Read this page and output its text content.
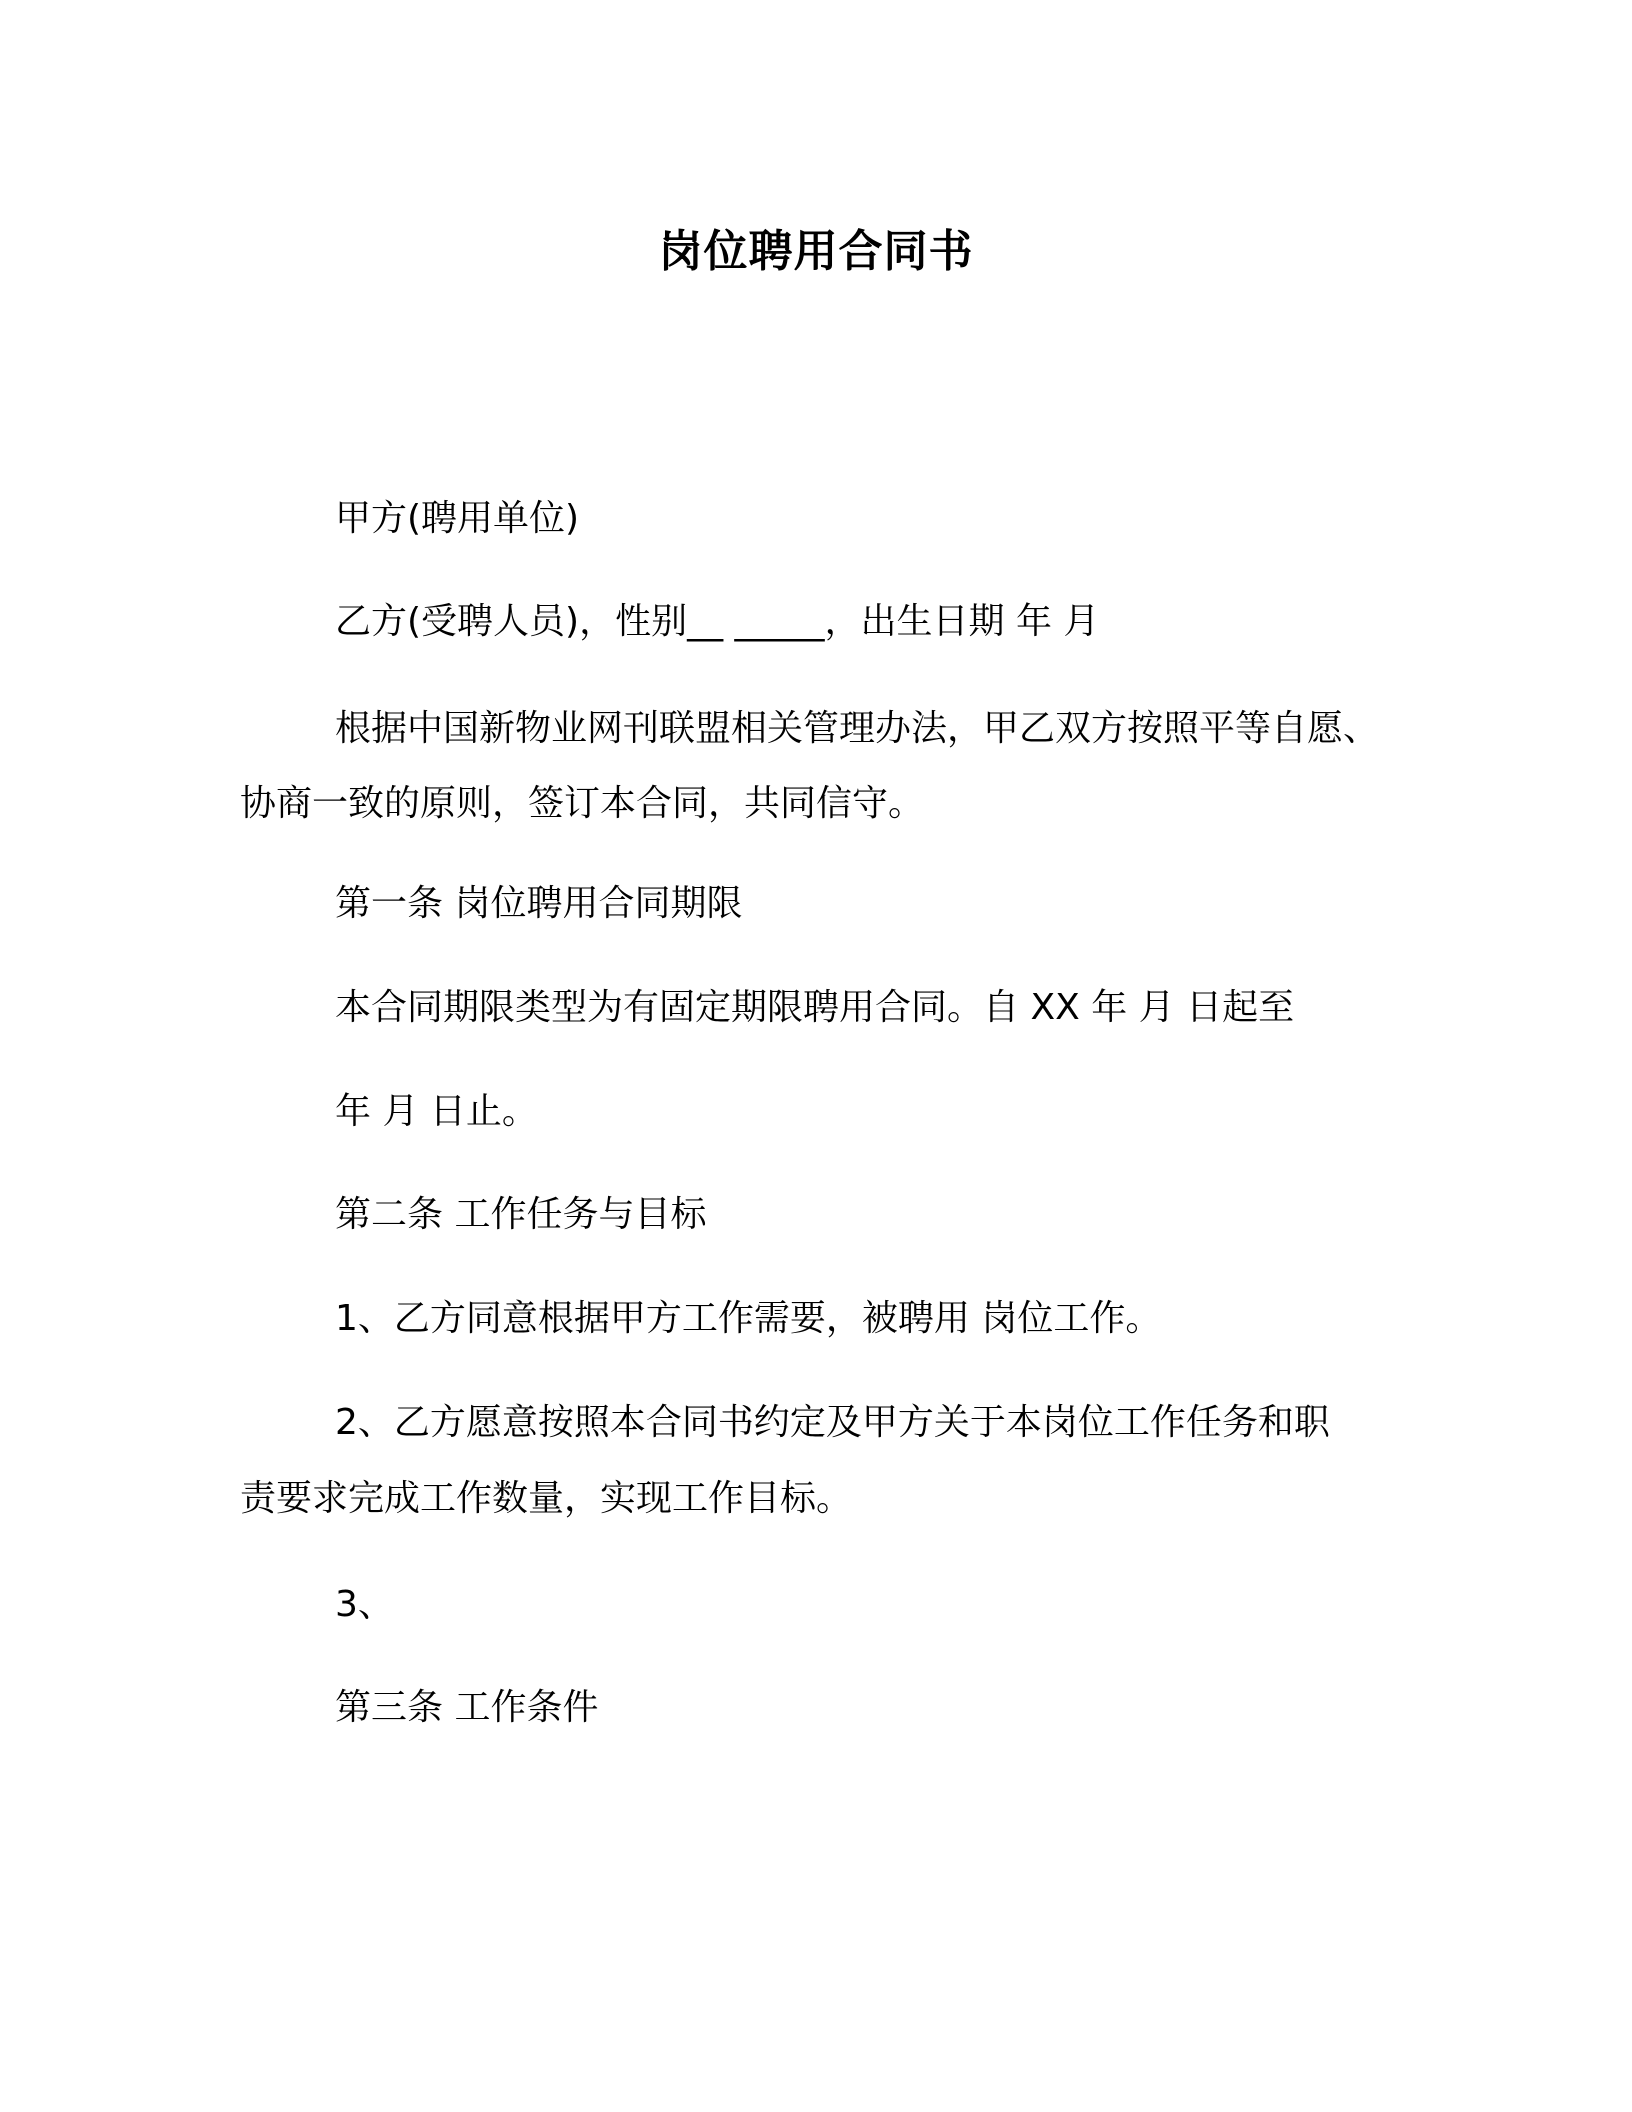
岗位聘用合同书
甲方(聘用单位)
乙方(受聘人员)，性别__ _____，出生日期 年 月
根据中国新物业网刊联盟相关管理办法，甲乙双方按照平等自愿、
协商一致的原则，签订本合同，共同信守。
第一条 岗位聘用合同期限
本合同期限类型为有固定期限聘用合同。自 XX 年 月 日起至
年 月 日止。
第二条 工作任务与目标
1、乙方同意根据甲方工作需要，被聘用 岗位工作。
2、乙方愿意按照本合同书约定及甲方关于本岗位工作任务和职
责要求完成工作数量，实现工作目标。
3、
第三条 工作条件
